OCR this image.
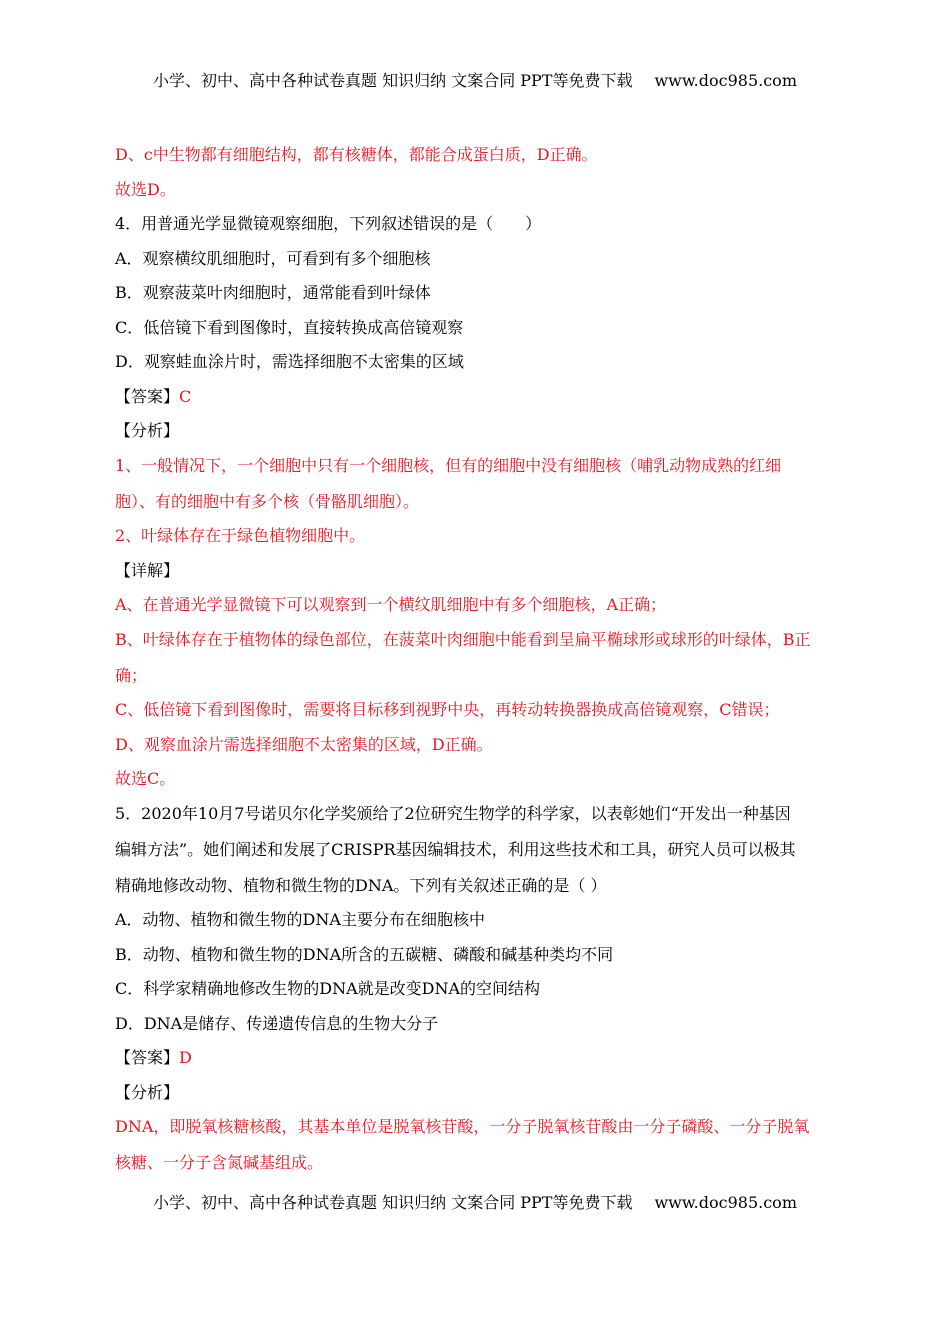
小学、初中、高中各种试卷真题 知识归纳 文案合同 PPT等免费下载 www.doc985.com
D、c中生物都有细胞结构，都有核糖体，都能合成蛋白质，D正确。
故选D。
4．用普通光学显微镜观察细胞，下列叙述错误的是（　　）
A．观察横纹肌细胞时，可看到有多个细胞核
B．观察菠菜叶肉细胞时，通常能看到叶绿体
C．低倍镜下看到图像时，直接转换成高倍镜观察
D．观察蛙血涂片时，需选择细胞不太密集的区域
【答案】C
【分析】
1、一般情况下，一个细胞中只有一个细胞核，但有的细胞中没有细胞核（哺乳动物成熟的红细
胞）、有的细胞中有多个核（骨骼肌细胞）。
2、叶绿体存在于绿色植物细胞中。
【详解】
A、在普通光学显微镜下可以观察到一个横纹肌细胞中有多个细胞核，A正确；
B、叶绿体存在于植物体的绿色部位，在菠菜叶肉细胞中能看到呈扁平椭球形或球形的叶绿体，B正
确；
C、低倍镜下看到图像时，需要将目标移到视野中央，再转动转换器换成高倍镜观察，C错误；
D、观察血涂片需选择细胞不太密集的区域，D正确。
故选C。
5．2020年10月7号诺贝尔化学奖颁给了2位研究生物学的科学家，以表彰她们“开发出一种基因
编辑方法”。她们阐述和发展了CRISPR基因编辑技术，利用这些技术和工具，研究人员可以极其
精确地修改动物、植物和微生物的DNA。下列有关叙述正确的是（ ）
A．动物、植物和微生物的DNA主要分布在细胞核中
B．动物、植物和微生物的DNA所含的五碳糖、磷酸和碱基种类均不同
C．科学家精确地修改生物的DNA就是改变DNA的空间结构
D．DNA是储存、传递遗传信息的生物大分子
【答案】D
【分析】
DNA，即脱氧核糖核酸，其基本单位是脱氧核苷酸，一分子脱氧核苷酸由一分子磷酸、一分子脱氧
核糖、一分子含氮碱基组成。
小学、初中、高中各种试卷真题 知识归纳 文案合同 PPT等免费下载 www.doc985.com
